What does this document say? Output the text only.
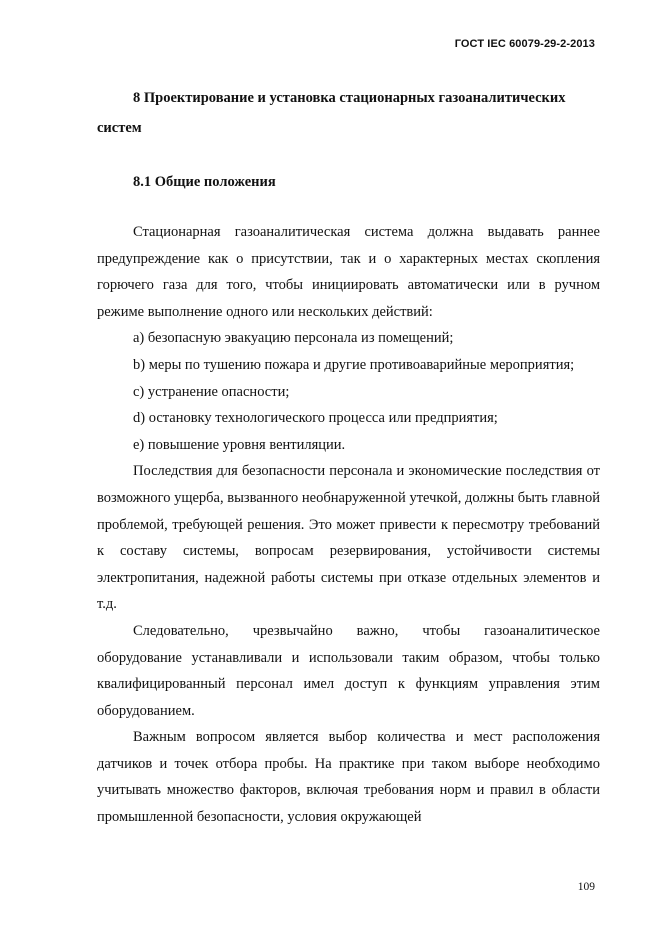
ГОСТ IEC 60079-29-2-2013

8 Проектирование и установка стационарных газоаналитических систем

8.1 Общие положения

Стационарная газоаналитическая система должна выдавать раннее предупреждение как о присутствии, так и о характерных местах скопления горючего газа для того, чтобы инициировать автоматически или в ручном режиме выполнение одного или нескольких действий:

a) безопасную эвакуацию персонала из помещений;

b) меры по тушению пожара и другие противоаварийные мероприятия;

c) устранение опасности;

d) остановку технологического процесса или предприятия;

e) повышение уровня вентиляции.

Последствия для безопасности персонала и экономические последствия от возможного ущерба, вызванного необнаруженной утечкой, должны быть главной проблемой, требующей решения. Это может привести к пересмотру требований к составу системы, вопросам резервирования, устойчивости системы электропитания, надежной работы системы при отказе отдельных элементов и т.д.

Следовательно, чрезвычайно важно, чтобы газоаналитическое оборудование устанавливали и использовали таким образом, чтобы только квалифицированный персонал имел доступ к функциям управления этим оборудованием.

Важным вопросом является выбор количества и мест расположения датчиков и точек отбора пробы. На практике при таком выборе необходимо учитывать множество факторов, включая требования норм и правил в области промышленной безопасности, условия окружающей

109
